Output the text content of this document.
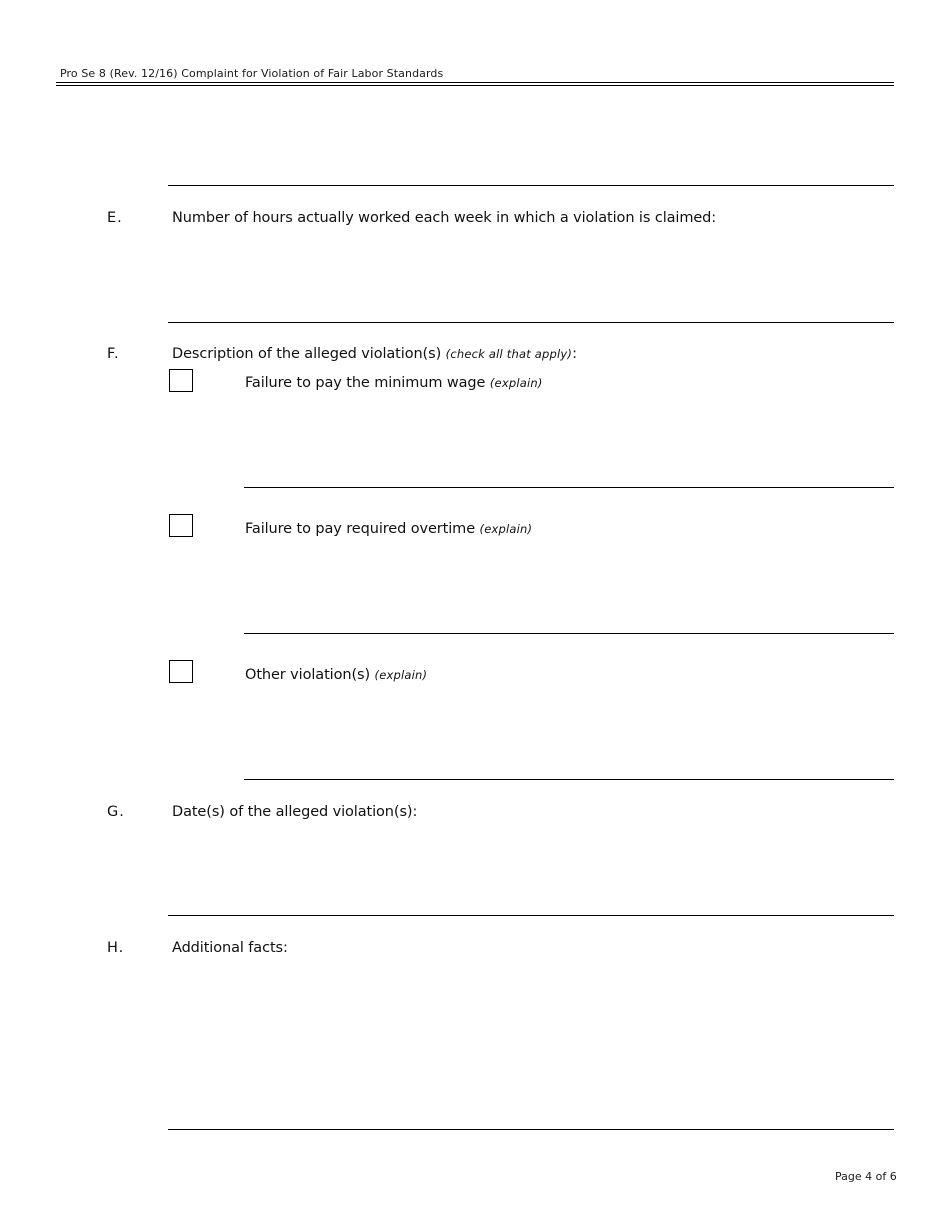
Pro Se 8 (Rev. 12/16) Complaint for Violation of Fair Labor Standards
E.	Number of hours actually worked each week in which a violation is claimed:
F.	Description of the alleged violation(s) (check all that apply):
Failure to pay the minimum wage (explain)
Failure to pay required overtime (explain)
Other violation(s) (explain)
G.	Date(s) of the alleged violation(s):
H.	Additional facts:
Page 4 of 6
